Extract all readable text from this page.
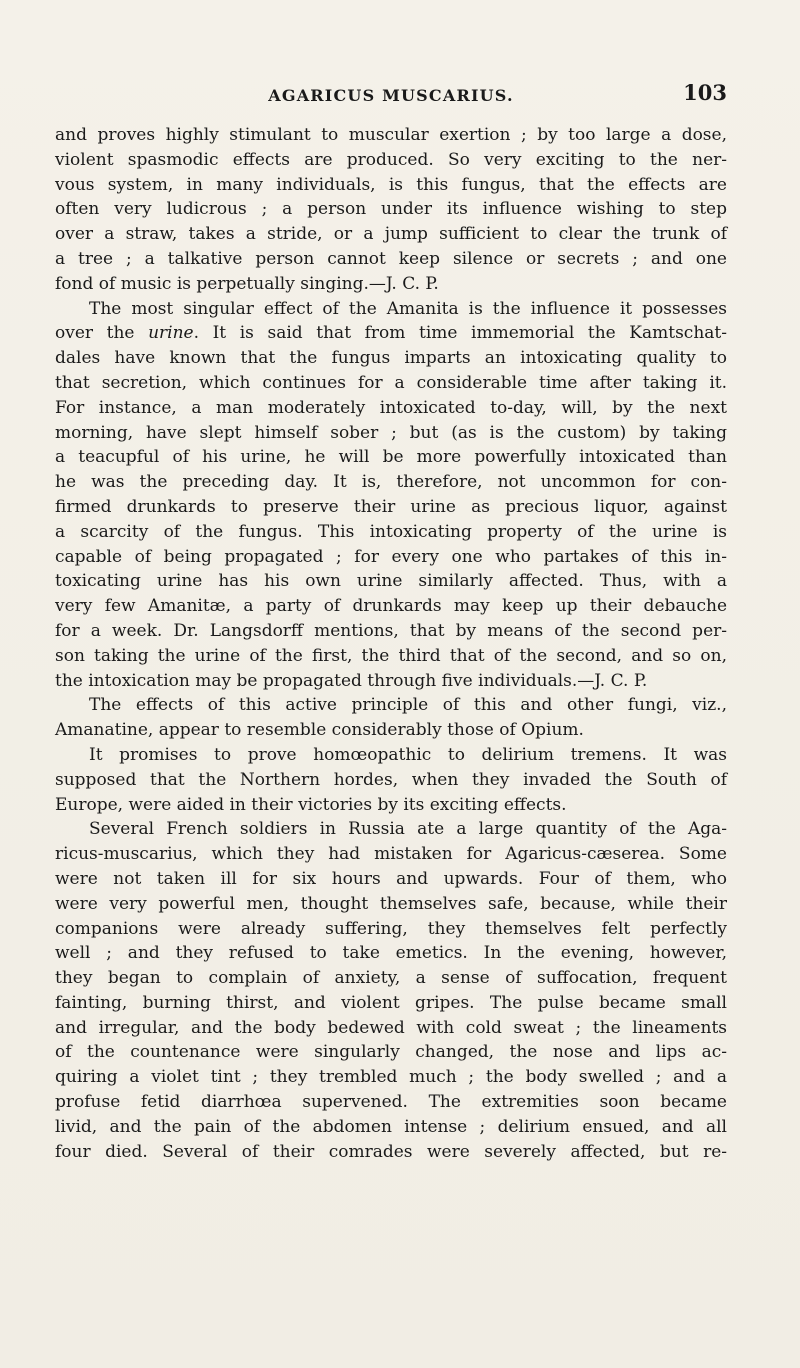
AGARICUS MUSCARIUS.	103
and proves highly stimulant to muscular exertion ; by too large a dose,
violent spasmodic effects are produced. So very exciting to the ner-
vous system, in many individuals, is this fungus, that the effects are
often very ludicrous ; a person under its influence wishing to step
over a straw, takes a stride, or a jump sufficient to clear the trunk of
a tree ; a talkative person cannot keep silence or secrets ; and one
fond of music is perpetually singing.—J. C. P.
The most singular effect of the Amanita is the influence it possesses
over the urine. It is said that from time immemorial the Kamtschat-
dales have known that the fungus imparts an intoxicating quality to
that secretion, which continues for a considerable time after taking it.
For instance, a man moderately intoxicated to-day, will, by the next
morning, have slept himself sober ; but (as is the custom) by taking
a teacupful of his urine, he will be more powerfully intoxicated than
he was the preceding day. It is, therefore, not uncommon for con-
firmed drunkards to preserve their urine as precious liquor, against
a scarcity of the fungus. This intoxicating property of the urine is
capable of being propagated ; for every one who partakes of this in-
toxicating urine has his own urine similarly affected. Thus, with a
very few Amanitæ, a party of drunkards may keep up their debauche
for a week. Dr. Langsdorff mentions, that by means of the second per-
son taking the urine of the first, the third that of the second, and so on,
the intoxication may be propagated through five individuals.—J. C. P.
The effects of this active principle of this and other fungi, viz.,
Amanatine, appear to resemble considerably those of Opium.
It promises to prove homœopathic to delirium tremens. It was
supposed that the Northern hordes, when they invaded the South of
Europe, were aided in their victories by its exciting effects.
Several French soldiers in Russia ate a large quantity of the Aga-
ricus-muscarius, which they had mistaken for Agaricus-cæserea. Some
were not taken ill for six hours and upwards. Four of them, who
were very powerful men, thought themselves safe, because, while their
companions were already suffering, they themselves felt perfectly
well ; and they refused to take emetics. In the evening, however,
they began to complain of anxiety, a sense of suffocation, frequent
fainting, burning thirst, and violent gripes. The pulse became small
and irregular, and the body bedewed with cold sweat ; the lineaments
of the countenance were singularly changed, the nose and lips ac-
quiring a violet tint ; they trembled much ; the body swelled ; and a
profuse fetid diarrhœa supervened. The extremities soon became
livid, and the pain of the abdomen intense ; delirium ensued, and all
four died. Several of their comrades were severely affected, but re-
